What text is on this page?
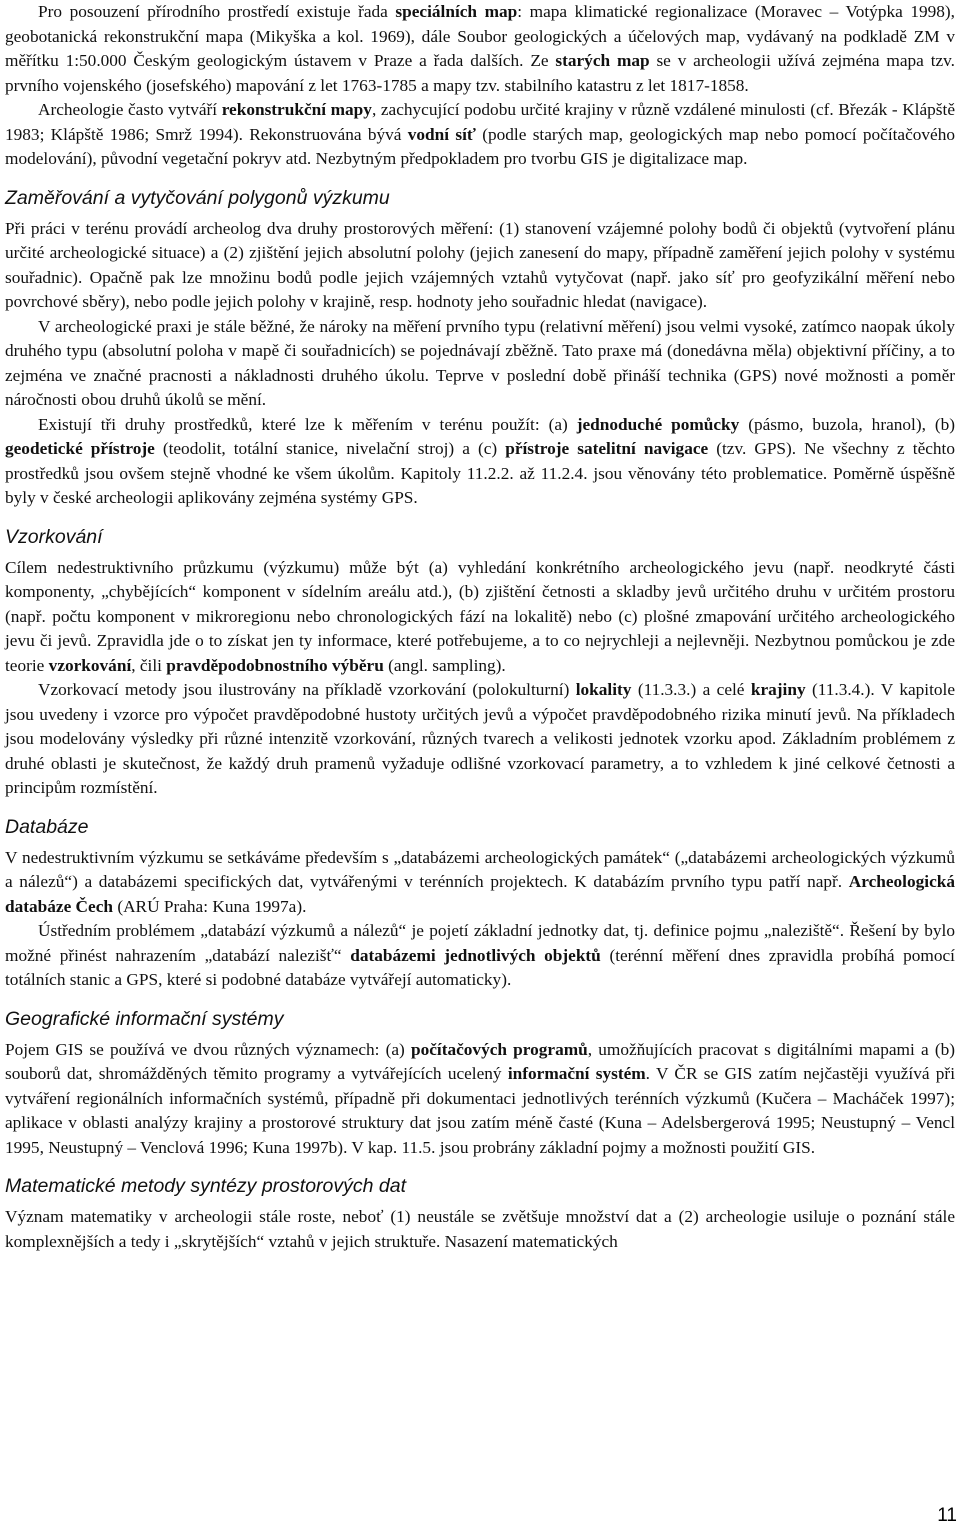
Pro posouzení přírodního prostředí existuje řada speciálních map: mapa klimatické regionalizace (Moravec – Votýpka 1998), geobotanická rekonstrukční mapa (Mikyška a kol. 1969), dále Soubor geologických a účelových map, vydávaný na podkladě ZM v měřítku 1:50.000 Českým geologickým ústavem v Praze a řada dalších. Ze starých map se v archeologii užívá zejména mapa tzv. prvního vojenského (josefského) mapování z let 1763-1785 a mapy tzv. stabilního katastru z let 1817-1858.

Archeologie často vytváří rekonstrukční mapy, zachycující podobu určité krajiny v různě vzdálené minulosti (cf. Březák - Klápště 1983; Klápště 1986; Smrž 1994). Rekonstruována bývá vodní síť (podle starých map, geologických map nebo pomocí počítačového modelování), původní vegetační pokryv atd. Nezbytným předpokladem pro tvorbu GIS je digitalizace map.

Zaměřování a vytyčování polygonů výzkumu

Při práci v terénu provádí archeolog dva druhy prostorových měření: (1) stanovení vzájemné polohy bodů či objektů (vytvoření plánu určité archeologické situace) a (2) zjištění jejich absolutní polohy (jejich zanesení do mapy, případně zaměření jejich polohy v systému souřadnic). Opačně pak lze množinu bodů podle jejich vzájemných vztahů vytyčovat (např. jako síť pro geofyzikální měření nebo povrchové sběry), nebo podle jejich polohy v krajině, resp. hodnoty jeho souřadnic hledat (navigace).

V archeologické praxi je stále běžné, že nároky na měření prvního typu (relativní měření) jsou velmi vysoké, zatímco naopak úkoly druhého typu (absolutní poloha v mapě či souřadnicích) se pojednávají zběžně. Tato praxe má (donedávna měla) objektivní příčiny, a to zejména ve značné pracnosti a nákladnosti druhého úkolu. Teprve v poslední době přináší technika (GPS) nové možnosti a poměr náročnosti obou druhů úkolů se mění.

Existují tři druhy prostředků, které lze k měřením v terénu použít: (a) jednoduché pomůcky (pásmo, buzola, hranol), (b) geodetické přístroje (teodolit, totální stanice, nivelační stroj) a (c) přístroje satelitní navigace (tzv. GPS). Ne všechny z těchto prostředků jsou ovšem stejně vhodné ke všem úkolům. Kapitoly 11.2.2. až 11.2.4. jsou věnovány této problematice. Poměrně úspěšně byly v české archeologii aplikovány zejména systémy GPS.

Vzorkování

Cílem nedestruktivního průzkumu (výzkumu) může být (a) vyhledání konkrétního archeologického jevu (např. neodkryté části komponenty, „chybějících“ komponent v sídelním areálu atd.), (b) zjištění četnosti a skladby jevů určitého druhu v určitém prostoru (např. počtu komponent v mikroregionu nebo chronologických fází na lokalitě) nebo (c) plošné zmapování určitého archeologického jevu či jevů. Zpravidla jde o to získat jen ty informace, které potřebujeme, a to co nejrychleji a nejlevněji. Nezbytnou pomůckou je zde teorie vzorkování, čili pravděpodobnostního výběru (angl. sampling).

Vzorkovací metody jsou ilustrovány na příkladě vzorkování (polokulturní) lokality (11.3.3.) a celé krajiny (11.3.4.). V kapitole jsou uvedeny i vzorce pro výpočet pravděpodobné hustoty určitých jevů a výpočet pravděpodobného rizika minutí jevů. Na příkladech jsou modelovány výsledky při různé intenzitě vzorkování, různých tvarech a velikosti jednotek vzorku apod. Základním problémem z druhé oblasti je skutečnost, že každý druh pramenů vyžaduje odlišné vzorkovací parametry, a to vzhledem k jiné celkové četnosti a principům rozmístění.

Databáze

V nedestruktivním výzkumu se setkáváme především s „databázemi archeologických památek“ („databázemi archeologických výzkumů a nálezů“) a databázemi specifických dat, vytvářenými v terénních projektech. K databázím prvního typu patří např. Archeologická databáze Čech (ARÚ Praha: Kuna 1997a).

Ústředním problémem „databází výzkumů a nálezů“ je pojetí základní jednotky dat, tj. definice pojmu „naleziště“. Řešení by bylo možné přinést nahrazením „databází nalezišť“ databázemi jednotlivých objektů (terénní měření dnes zpravidla probíhá pomocí totálních stanic a GPS, které si podobné databáze vytvářejí automaticky).

Geografické informační systémy

Pojem GIS se používá ve dvou různých významech: (a) počítačových programů, umožňujících pracovat s digitálními mapami a (b) souborů dat, shromážděných těmito programy a vytvářejících ucelený informační systém. V ČR se GIS zatím nejčastěji využívá při vytváření regionálních informačních systémů, případně při dokumentaci jednotlivých terénních výzkumů (Kučera – Macháček 1997); aplikace v oblasti analýzy krajiny a prostorové struktury dat jsou zatím méně časté (Kuna – Adelsbergerová 1995; Neustupný – Vencl 1995, Neustupný – Venclová 1996; Kuna 1997b). V kap. 11.5. jsou probrány základní pojmy a možnosti použití GIS.

Matematické metody syntézy prostorových dat

Význam matematiky v archeologii stále roste, neboť (1) neustále se zvětšuje množství dat a (2) archeologie usiluje o poznání stále komplexnějších a tedy i „skrytějších“ vztahů v jejich struktuře. Nasazení matematických

11
